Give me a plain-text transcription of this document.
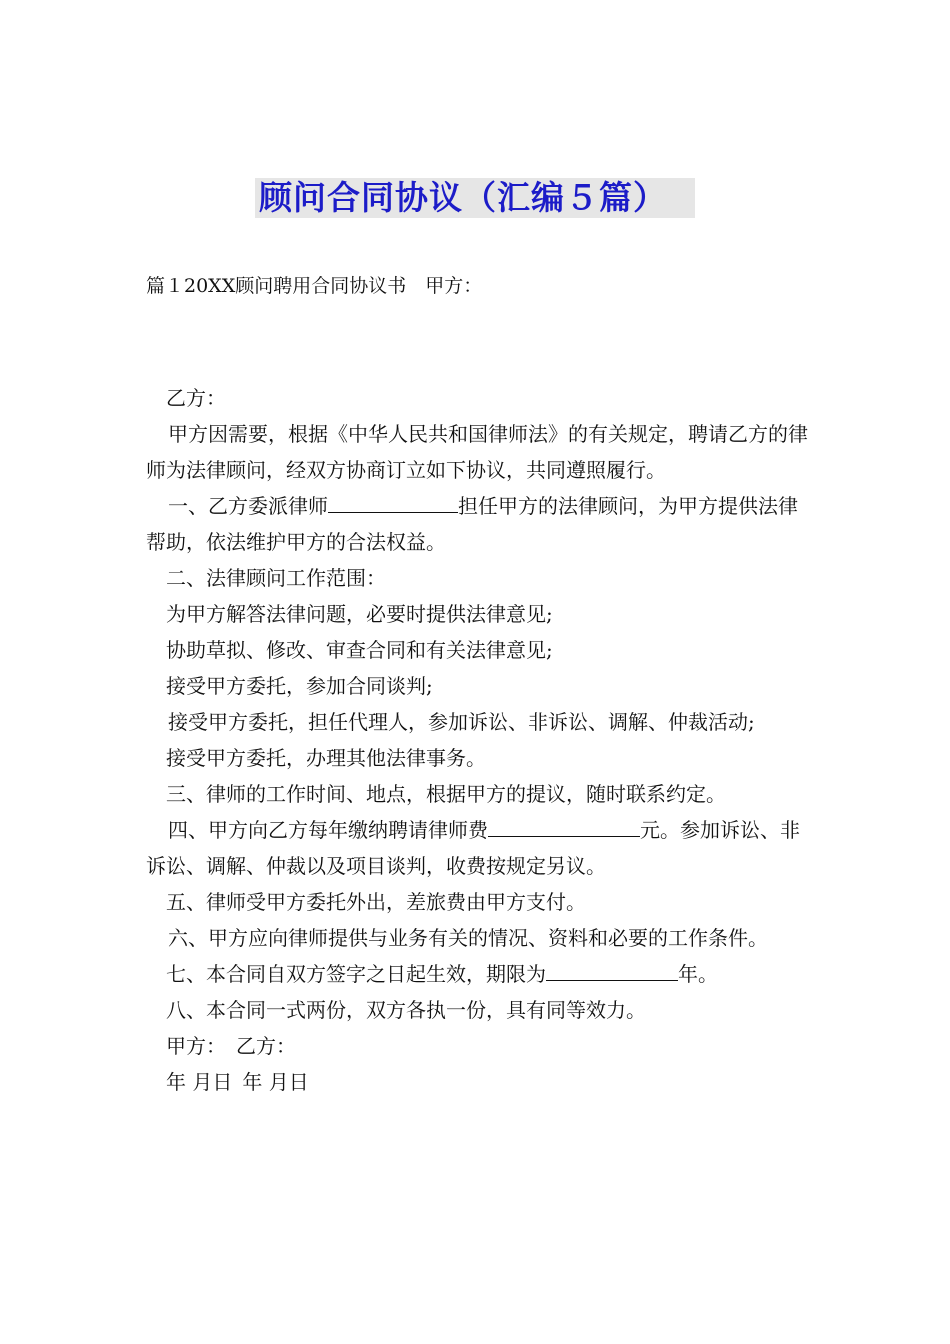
顾问合同协议（汇编５篇）
篇１20XX顾问聘用合同协议书　甲方：

乙方：

甲方因需要，根据《中华人民共和国律师法》的有关规定，聘请乙方的律师为法律顾问，经双方协商订立如下协议，共同遵照履行。

一、乙方委派律师	担任甲方的法律顾问，为甲方提供法律帮助，依法维护甲方的合法权益。

二、法律顾问工作范围：

为甲方解答法律问题，必要时提供法律意见;

协助草拟、修改、审查合同和有关法律意见;

接受甲方委托，参加合同谈判;

接受甲方委托，担任代理人，参加诉讼、非诉讼、调解、仲裁活动;

接受甲方委托，办理其他法律事务。

三、律师的工作时间、地点，根据甲方的提议，随时联系约定。

四、甲方向乙方每年缴纳聘请律师费	元。参加诉讼、非诉讼、调解、仲裁以及项目谈判，收费按规定另议。

五、律师受甲方委托外出，差旅费由甲方支付。

六、甲方应向律师提供与业务有关的情况、资料和必要的工作条件。

七、本合同自双方签字之日起生效，期限为	年。

八、本合同一式两份，双方各执一份，具有同等效力。

甲方： 乙方：

年 月日 年 月日
